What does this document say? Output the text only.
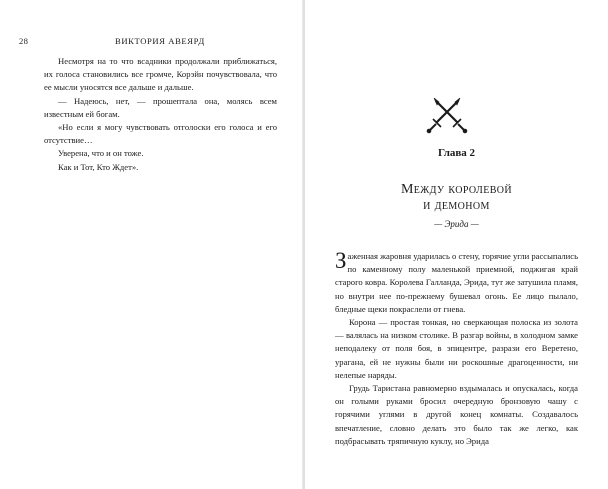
28	ВИКТОРИЯ АВЕЯРД

Несмотря на то что всадники продолжали приближаться, их голоса становились все громче, Корэйн почувствовала, что ее мысли уносятся все дальше и дальше.

— Надеюсь, нет, — прошептала она, молясь всем известным ей богам.

«Но если я могу чувствовать отголоски его голоса и его отсутствие…

Уверена, что и он тоже.

Как и Тот, Кто Ждет».

Глава 2
Между королевой
и демоном
— Эрида —

Заженная жаровня ударилась о стену, горячие угли рассыпались по каменному полу маленькой приемной, поджигая край старого ковра. Королева Галланда, Эрида, тут же затушила пламя, но внутри нее по-прежнему бушевал огонь. Ее лицо пылало, бледные щеки покраслели от гнева.

Корона — простая тонкая, но сверкающая полоска из золота — валялась на низком столике. В разгар войны, в холодном замке неподалеку от поля боя, в эпицентре, разрази его Веретено, урагана, ей не нужны были ни роскошные драгоценности, ни нелепые наряды.

Грудь Таристана равномерно вздымалась и опускалась, когда он голыми руками бросил очередную бронзовую чашу с горячими углями в другой конец комнаты. Создавалось впечатление, словно делать это было так же легко, как подбрасывать тряпичную куклу, но Эрида
